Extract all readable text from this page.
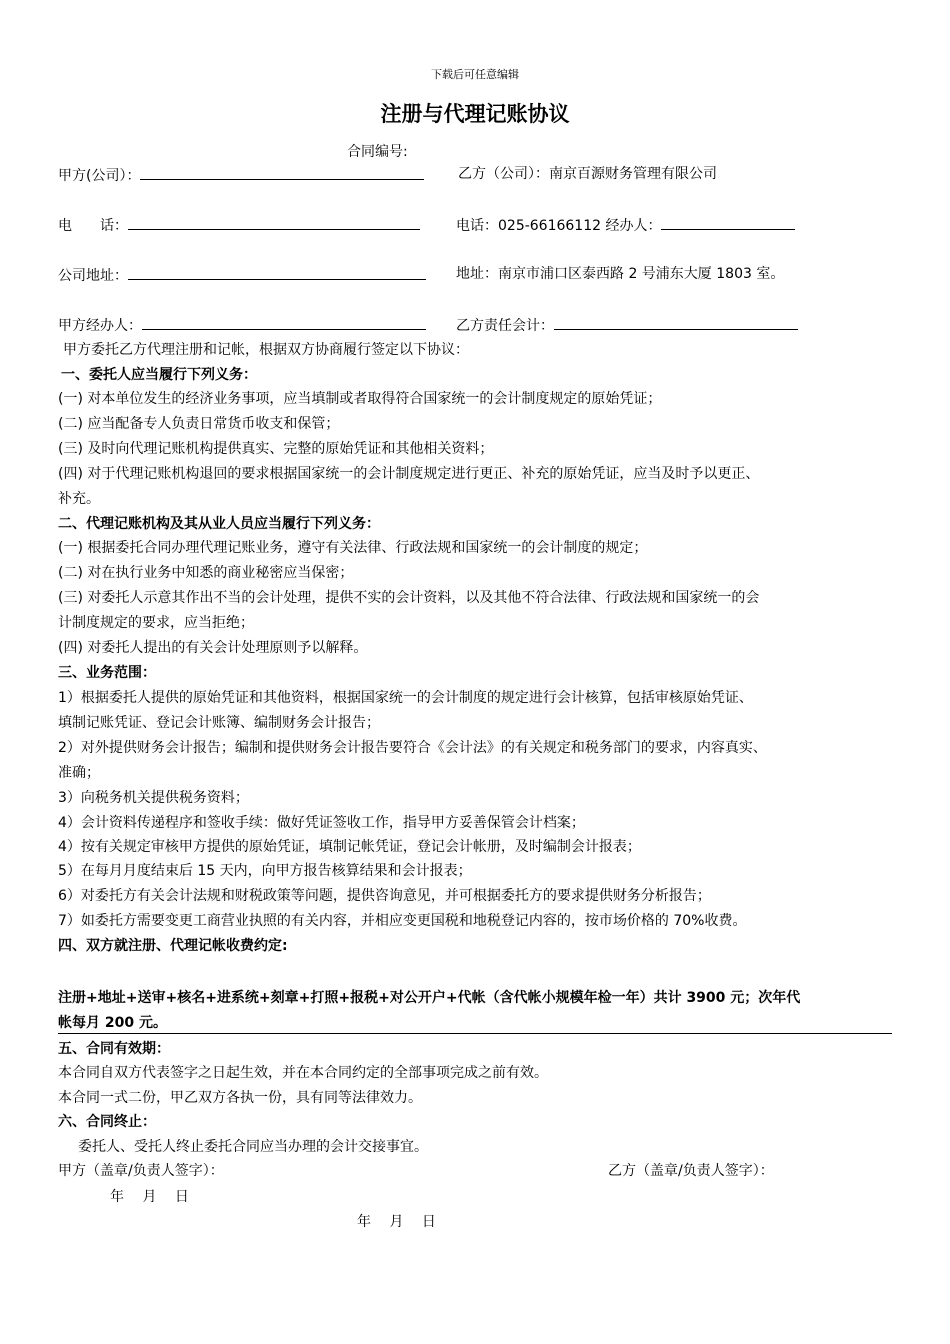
下载后可任意编辑
注册与代理记账协议
合同编号:
甲方(公司）：	乙方（公司）：南京百源财务管理有限公司
电　　话：	电话：025-66166112 经办人：
公司地址：	地址：南京市浦口区泰西路 2 号浦东大厦 1803 室。
甲方经办人：	乙方责任会计：
甲方委托乙方代理注册和记帐，根据双方协商履行签定以下协议：
一、委托人应当履行下列义务：
(一) 对本单位发生的经济业务事项，应当填制或者取得符合国家统一的会计制度规定的原始凭证；
(二) 应当配备专人负责日常货币收支和保管；
(三) 及时向代理记账机构提供真实、完整的原始凭证和其他相关资料；
(四) 对于代理记账机构退回的要求根据国家统一的会计制度规定进行更正、补充的原始凭证，应当及时予以更正、
补充。
二、代理记账机构及其从业人员应当履行下列义务：
(一) 根据委托合同办理代理记账业务，遵守有关法律、行政法规和国家统一的会计制度的规定；
(二) 对在执行业务中知悉的商业秘密应当保密；
(三) 对委托人示意其作出不当的会计处理，提供不实的会计资料，以及其他不符合法律、行政法规和国家统一的会
计制度规定的要求，应当拒绝；
(四) 对委托人提出的有关会计处理原则予以解释。
三、业务范围：
1）根据委托人提供的原始凭证和其他资料，根据国家统一的会计制度的规定进行会计核算，包括审核原始凭证、
填制记账凭证、登记会计账簿、编制财务会计报告；
2）对外提供财务会计报告；编制和提供财务会计报告要符合《会计法》的有关规定和税务部门的要求，内容真实、
准确；
3）向税务机关提供税务资料；
4）会计资料传递程序和签收手续：做好凭证签收工作，指导甲方妥善保管会计档案；
4）按有关规定审核甲方提供的原始凭证，填制记帐凭证，登记会计帐册，及时编制会计报表；
5）在每月月度结束后 15 天内，向甲方报告核算结果和会计报表；
6）对委托方有关会计法规和财税政策等问题，提供咨询意见，并可根据委托方的要求提供财务分析报告；
7）如委托方需要变更工商营业执照的有关内容，并相应变更国税和地税登记内容的，按市场价格的 70%收费。
四、双方就注册、代理记帐收费约定:
注册+地址+送审+核名+进系统+刻章+打照+报税+对公开户+代帐（含代帐小规模年检一年）共计 3900 元；次年代
帐每月 200 元。
五、合同有效期：
本合同自双方代表签字之日起生效，并在本合同约定的全部事项完成之前有效。
本合同一式二份，甲乙双方各执一份，具有同等法律效力。
六、合同终止：
委托人、受托人终止委托合同应当办理的会计交接事宜。
甲方（盖章/负责人签字）：	乙方（盖章/负责人签字）：
年　 月　 日
年　 月　 日
